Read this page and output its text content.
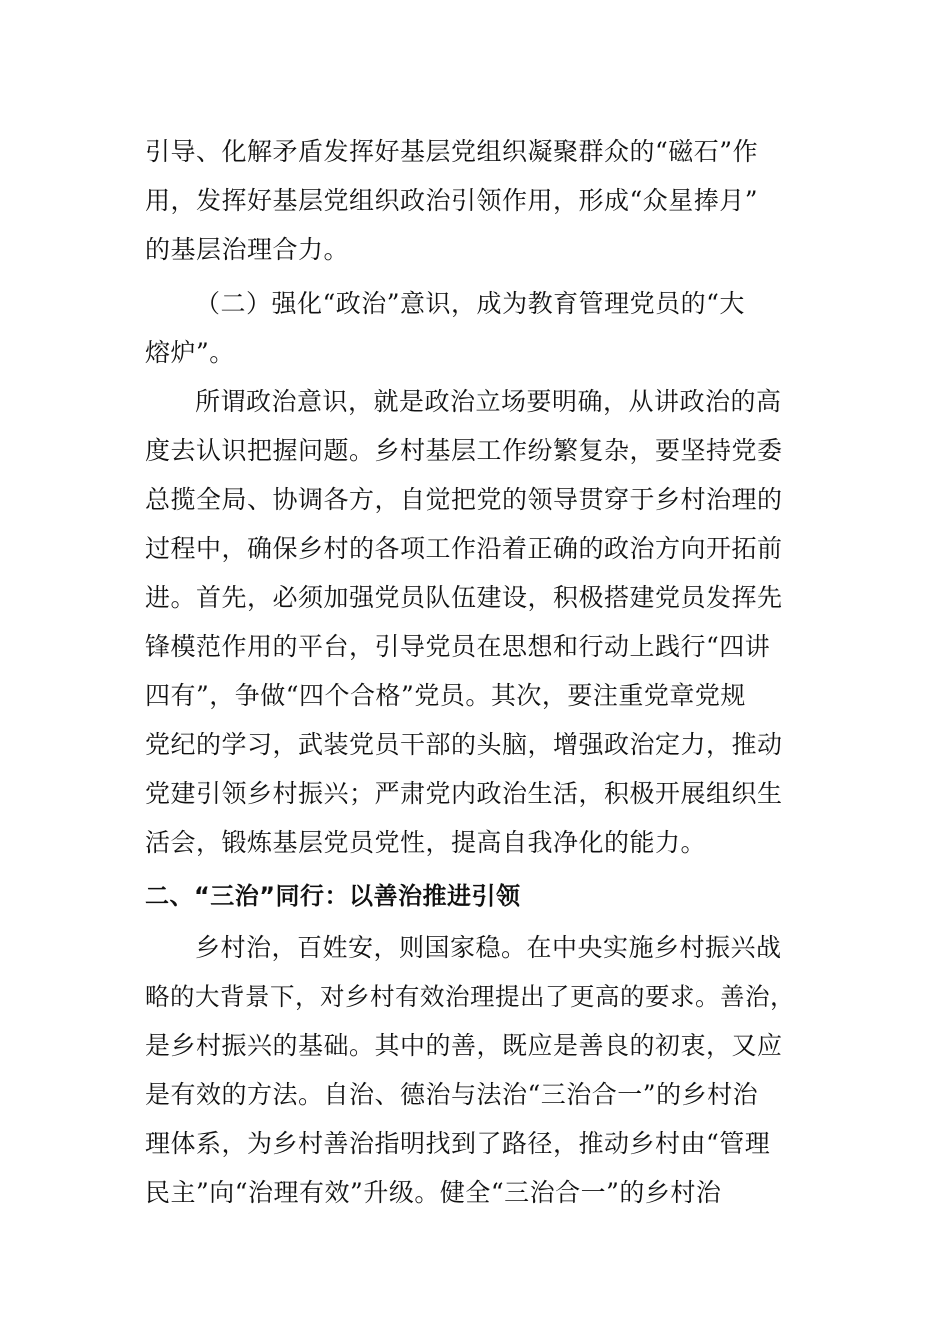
引导、化解矛盾发挥好基层党组织凝聚群众的“磁石”作
用，发挥好基层党组织政治引领作用，形成“众星捧月”
的基层治理合力。
（二）强化“政治”意识，成为教育管理党员的“大
熔炉”。
所谓政治意识，就是政治立场要明确，从讲政治的高
度去认识把握问题。乡村基层工作纷繁复杂，要坚持党委
总揽全局、协调各方，自觉把党的领导贯穿于乡村治理的
过程中，确保乡村的各项工作沿着正确的政治方向开拓前
进。首先，必须加强党员队伍建设，积极搭建党员发挥先
锋模范作用的平台，引导党员在思想和行动上践行“四讲
四有”，争做“四个合格”党员。其次，要注重党章党规
党纪的学习，武装党员干部的头脑，增强政治定力，推动
党建引领乡村振兴；严肃党内政治生活，积极开展组织生
活会，锻炼基层党员党性，提高自我净化的能力。
二、“三治”同行：以善治推进引领
乡村治，百姓安，则国家稳。在中央实施乡村振兴战
略的大背景下，对乡村有效治理提出了更高的要求。善治，
是乡村振兴的基础。其中的善，既应是善良的初衷，又应
是有效的方法。自治、德治与法治“三治合一”的乡村治
理体系，为乡村善治指明找到了路径，推动乡村由“管理
民主”向“治理有效”升级。健全“三治合一”的乡村治
